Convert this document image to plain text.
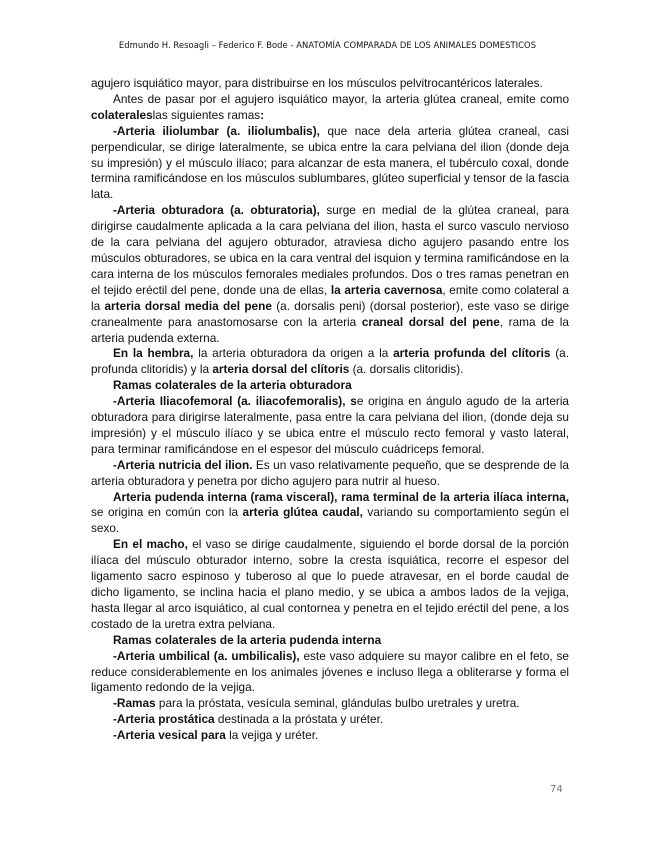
Edmundo H. Resoagli – Federico F. Bode - ANATOMÍA COMPARADA DE LOS ANIMALES DOMESTICOS

agujero isquiático mayor, para distribuirse en los músculos pelvitrocantéricos laterales.

Antes de pasar por el agujero isquiático mayor, la arteria glútea craneal, emite como colateraleslas siguientes ramas:

-Arteria iliolumbar (a. iliolumbalis), que nace dela arteria glútea craneal, casi perpendicular, se dirige lateralmente, se ubica entre la cara pelviana del ilion (donde deja su impresión) y el músculo ilíaco; para alcanzar de esta manera, el tubérculo coxal, donde termina ramificándose en los músculos sublumbares, glúteo superficial y tensor de la fascia lata.

-Arteria obturadora (a. obturatoria), surge en medial de la glútea craneal, para dirigirse caudalmente aplicada a la cara pelviana del ilion, hasta el surco vasculo nervioso de la cara pelviana del agujero obturador, atraviesa dicho agujero pasando entre los músculos obturadores, se ubica en la cara ventral del isquion y termina ramificándose en la cara interna de los músculos femorales mediales profundos. Dos o tres ramas penetran en el tejido eréctil del pene, donde una de ellas, la arteria cavernosa, emite como colateral a la arteria dorsal media del pene (a. dorsalis peni) (dorsal posterior), este vaso se dirige cranealmente para anastomosarse con la arteria craneal dorsal del pene, rama de la arteria pudenda externa.

En la hembra, la arteria obturadora da origen a la arteria profunda del clítoris (a. profunda clitoridis) y la arteria dorsal del clítoris (a. dorsalis clitoridis).

Ramas colaterales de la arteria obturadora

-Arteria Iliacofemoral (a. iliacofemoralis), se origina en ángulo agudo de la arteria obturadora para dirigirse lateralmente, pasa entre la cara pelviana del ilion, (donde deja su impresión) y el músculo ilíaco y se ubica entre el músculo recto femoral y vasto lateral, para terminar ramificándose en el espesor del músculo cuádriceps femoral.

-Arteria nutricia del ilion. Es un vaso relativamente pequeño, que se desprende de la arteria obturadora y penetra por dicho agujero para nutrir al hueso.

Arteria pudenda interna (rama visceral), rama terminal de la arteria ilíaca interna, se origina en común con la arteria glútea caudal, variando su comportamiento según el sexo.

En el macho, el vaso se dirige caudalmente, siguiendo el borde dorsal de la porción ilíaca del músculo obturador interno, sobre la cresta isquiática, recorre el espesor del ligamento sacro espinoso y tuberoso al que lo puede atravesar, en el borde caudal de dicho ligamento, se inclina hacia el plano medio, y se ubica a ambos lados de la vejiga, hasta llegar al arco isquiático, al cual contornea y penetra en el tejido eréctil del pene, a los costado de la uretra extra pelviana.

Ramas colaterales de la arteria pudenda interna

-Arteria umbilical (a. umbilicalis), este vaso adquiere su mayor calibre en el feto, se reduce considerablemente en los animales jóvenes e incluso llega a obliterarse y forma el ligamento redondo de la vejiga.

-Ramas para la próstata, vesícula seminal, glándulas bulbo uretrales y uretra.

-Arteria prostática destinada a la próstata y uréter.

-Arteria vesical para la vejiga y uréter.

74
